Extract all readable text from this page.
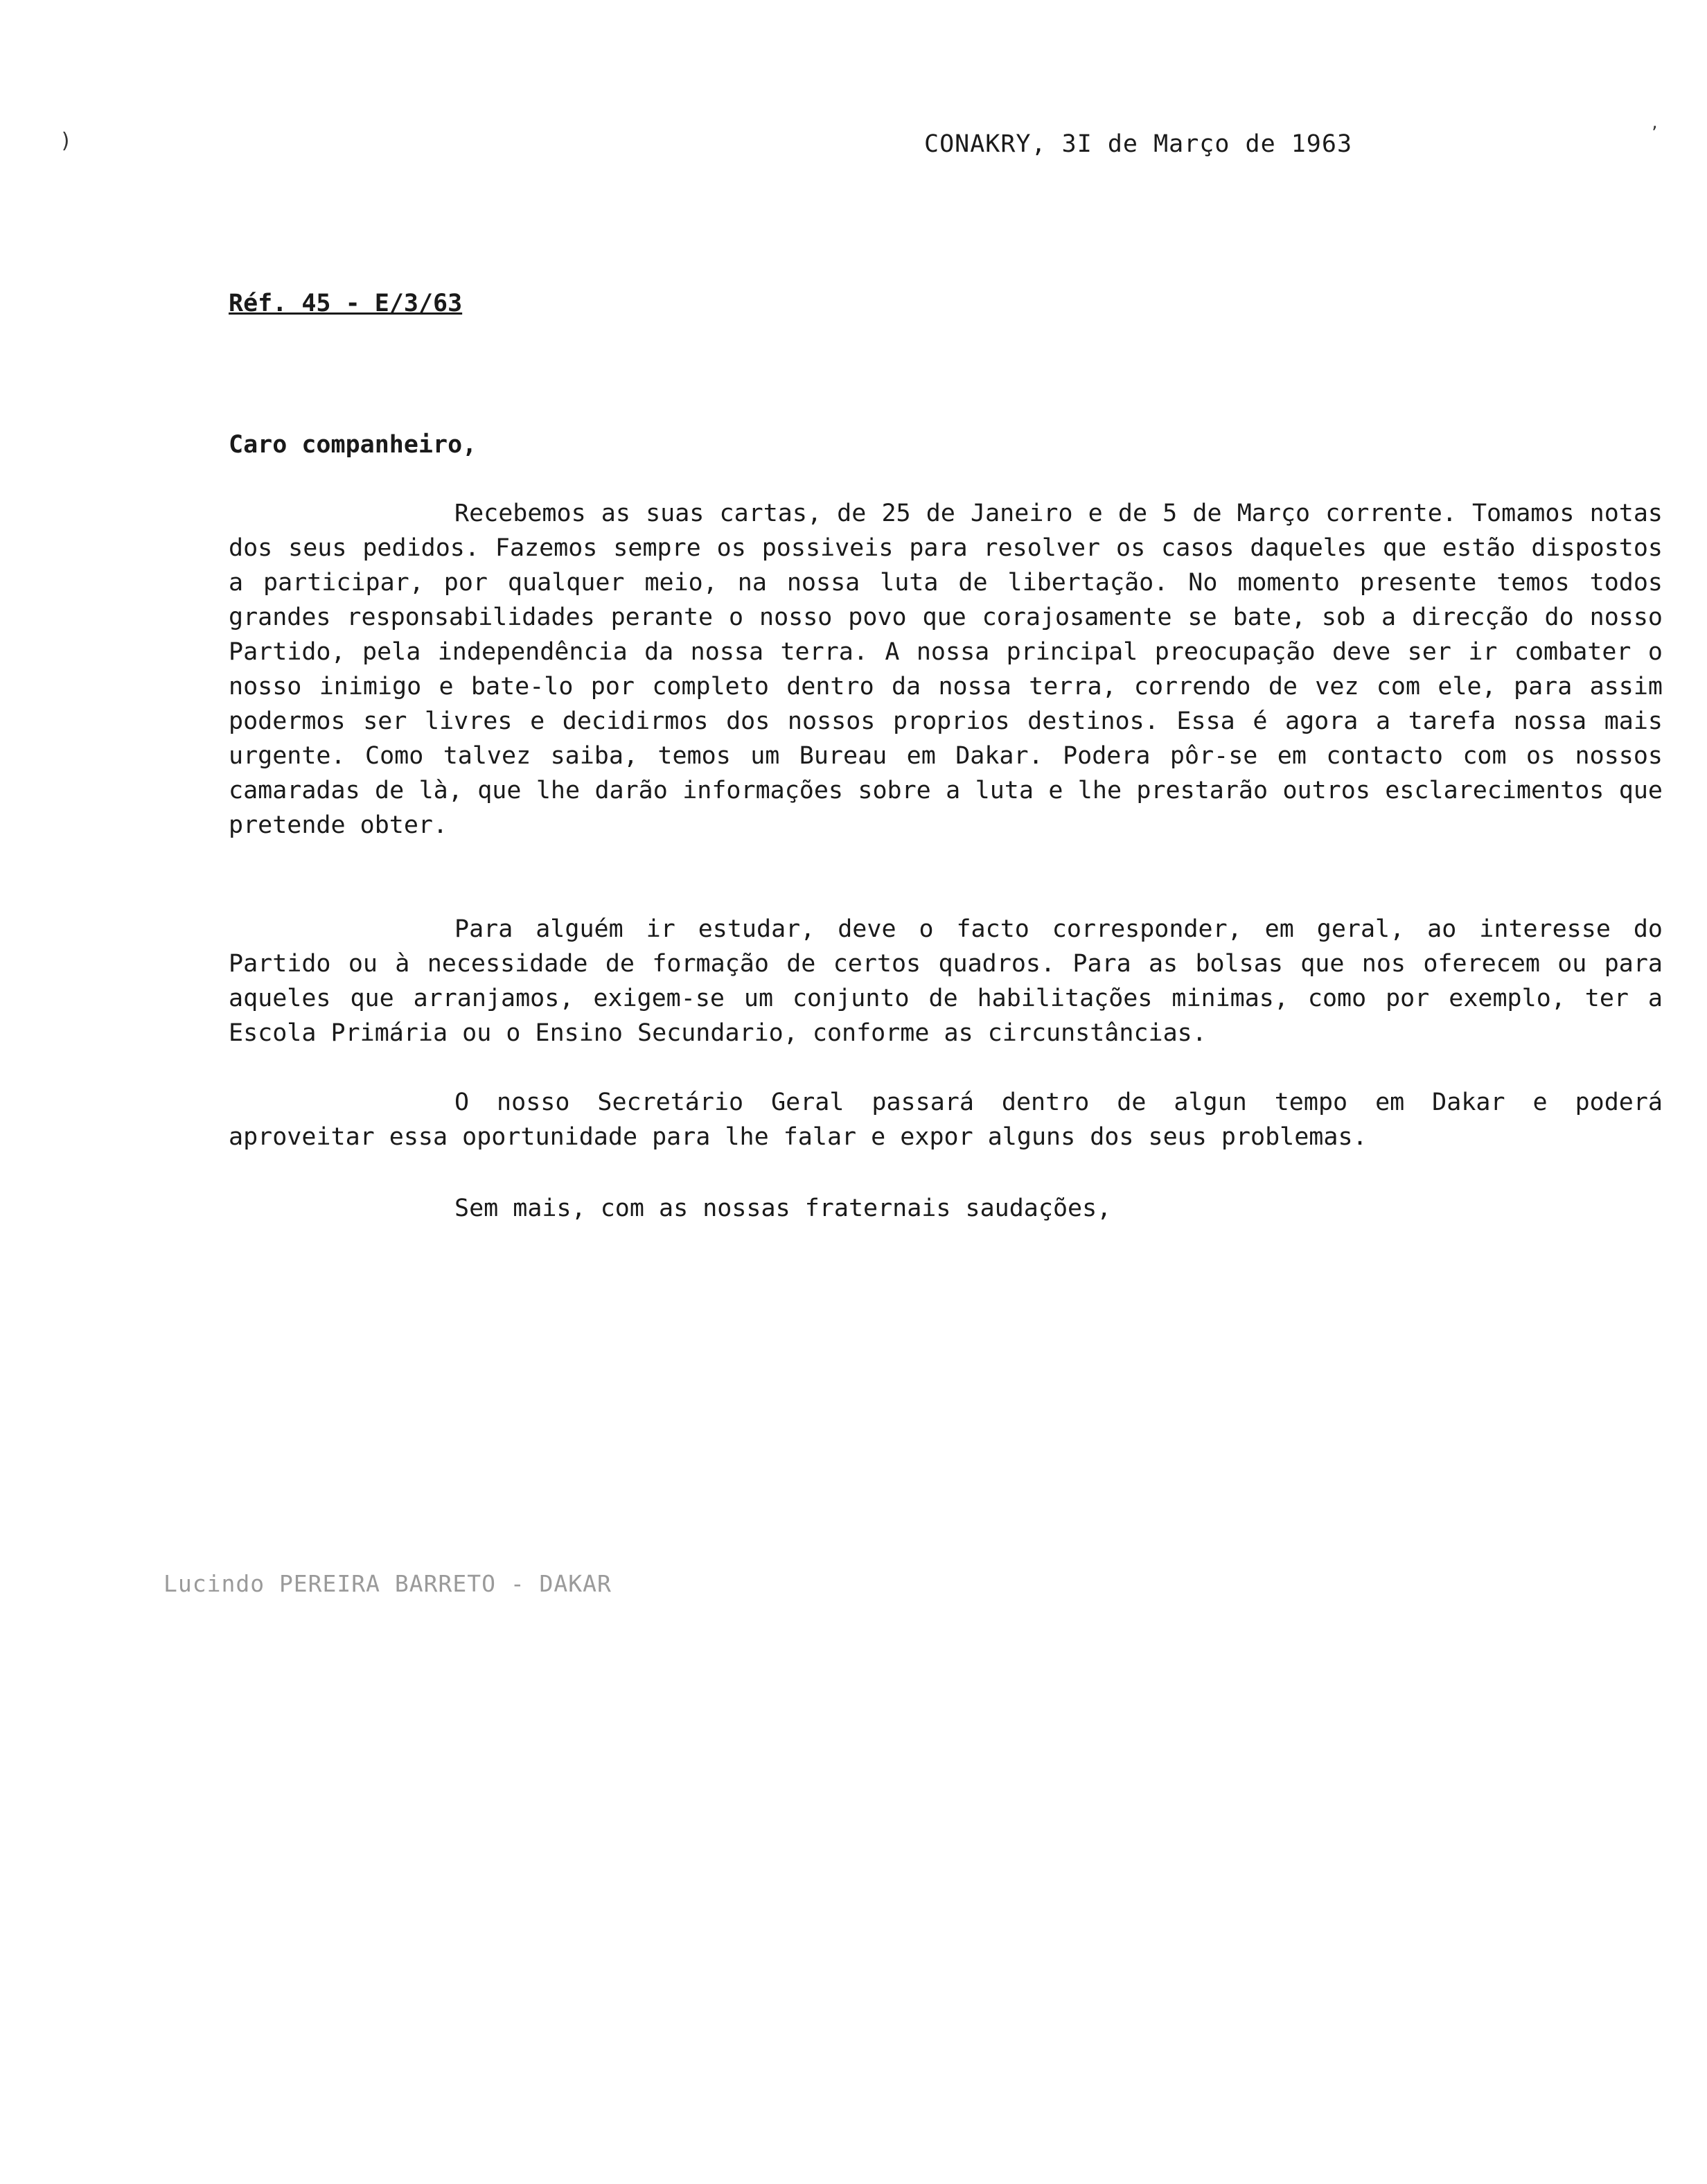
)
,
CONAKRY, 3I de Março de 1963
Réf. 45 - E/3/63
Caro companheiro,

Recebemos as suas cartas, de 25 de Janeiro e de 5 de Março corrente. Tomamos notas dos seus pedidos. Fazemos sempre os possiveis para resolver os casos daqueles que estão dispostos a participar, por qualquer meio, na nossa luta de libertação. No momento presente temos todos grandes responsabilidades perante o nosso povo que corajosamente se bate, sob a direcção do nosso Partido, pela independência da nossa terra. A nossa principal preocupação deve ser ir combater o nosso inimigo e bate-lo por completo dentro da nossa terra, correndo de vez com ele, para assim podermos ser livres e decidirmos dos nossos proprios destinos. Essa é agora a tarefa nossa mais urgente. Como talvez saiba, temos um Bureau em Dakar. Podera pôr-se em contacto com os nossos camaradas de là, que lhe darão informações sobre a luta e lhe prestarão outros esclarecimentos que pretende obter.

Para alguém ir estudar, deve o facto corresponder, em geral, ao interesse do Partido ou à necessidade de formação de certos quadros. Para as bolsas que nos oferecem ou para aqueles que arranjamos, exigem-se um conjunto de habilitações minimas, como por exemplo, ter a Escola Primária ou o Ensino Secundario, conforme as circunstâncias.

O nosso Secretário Geral passará dentro de algun tempo em Dakar e poderá aproveitar essa oportunidade para lhe falar e expor alguns dos seus problemas.

Sem mais, com as nossas fraternais saudações,
Lucindo PEREIRA BARRETO - DAKAR
